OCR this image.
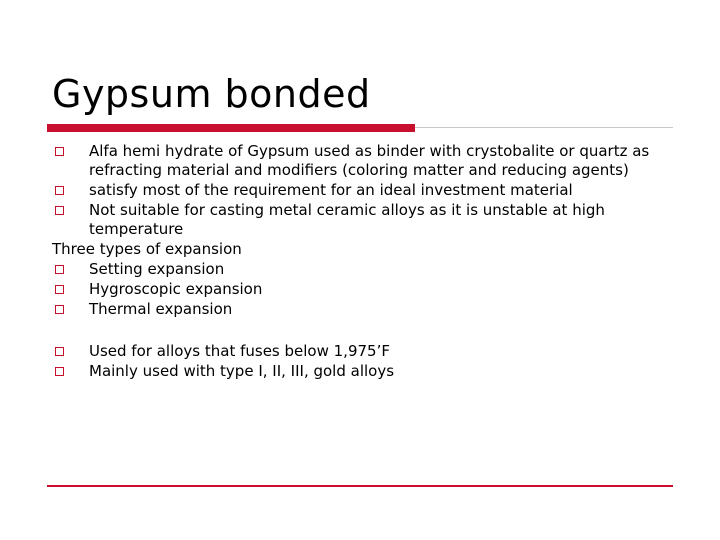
Gypsum bonded
Alfa hemi hydrate of Gypsum used as binder with crystobalite or quartz as refracting material and modifiers (coloring matter and reducing agents)
satisfy most of the requirement for an ideal investment material
Not suitable for casting metal ceramic alloys as it is unstable at high temperature
Three types of expansion
Setting expansion
Hygroscopic expansion
Thermal expansion
Used for alloys that fuses below 1,975’F
Mainly used with type I, II, III, gold alloys
